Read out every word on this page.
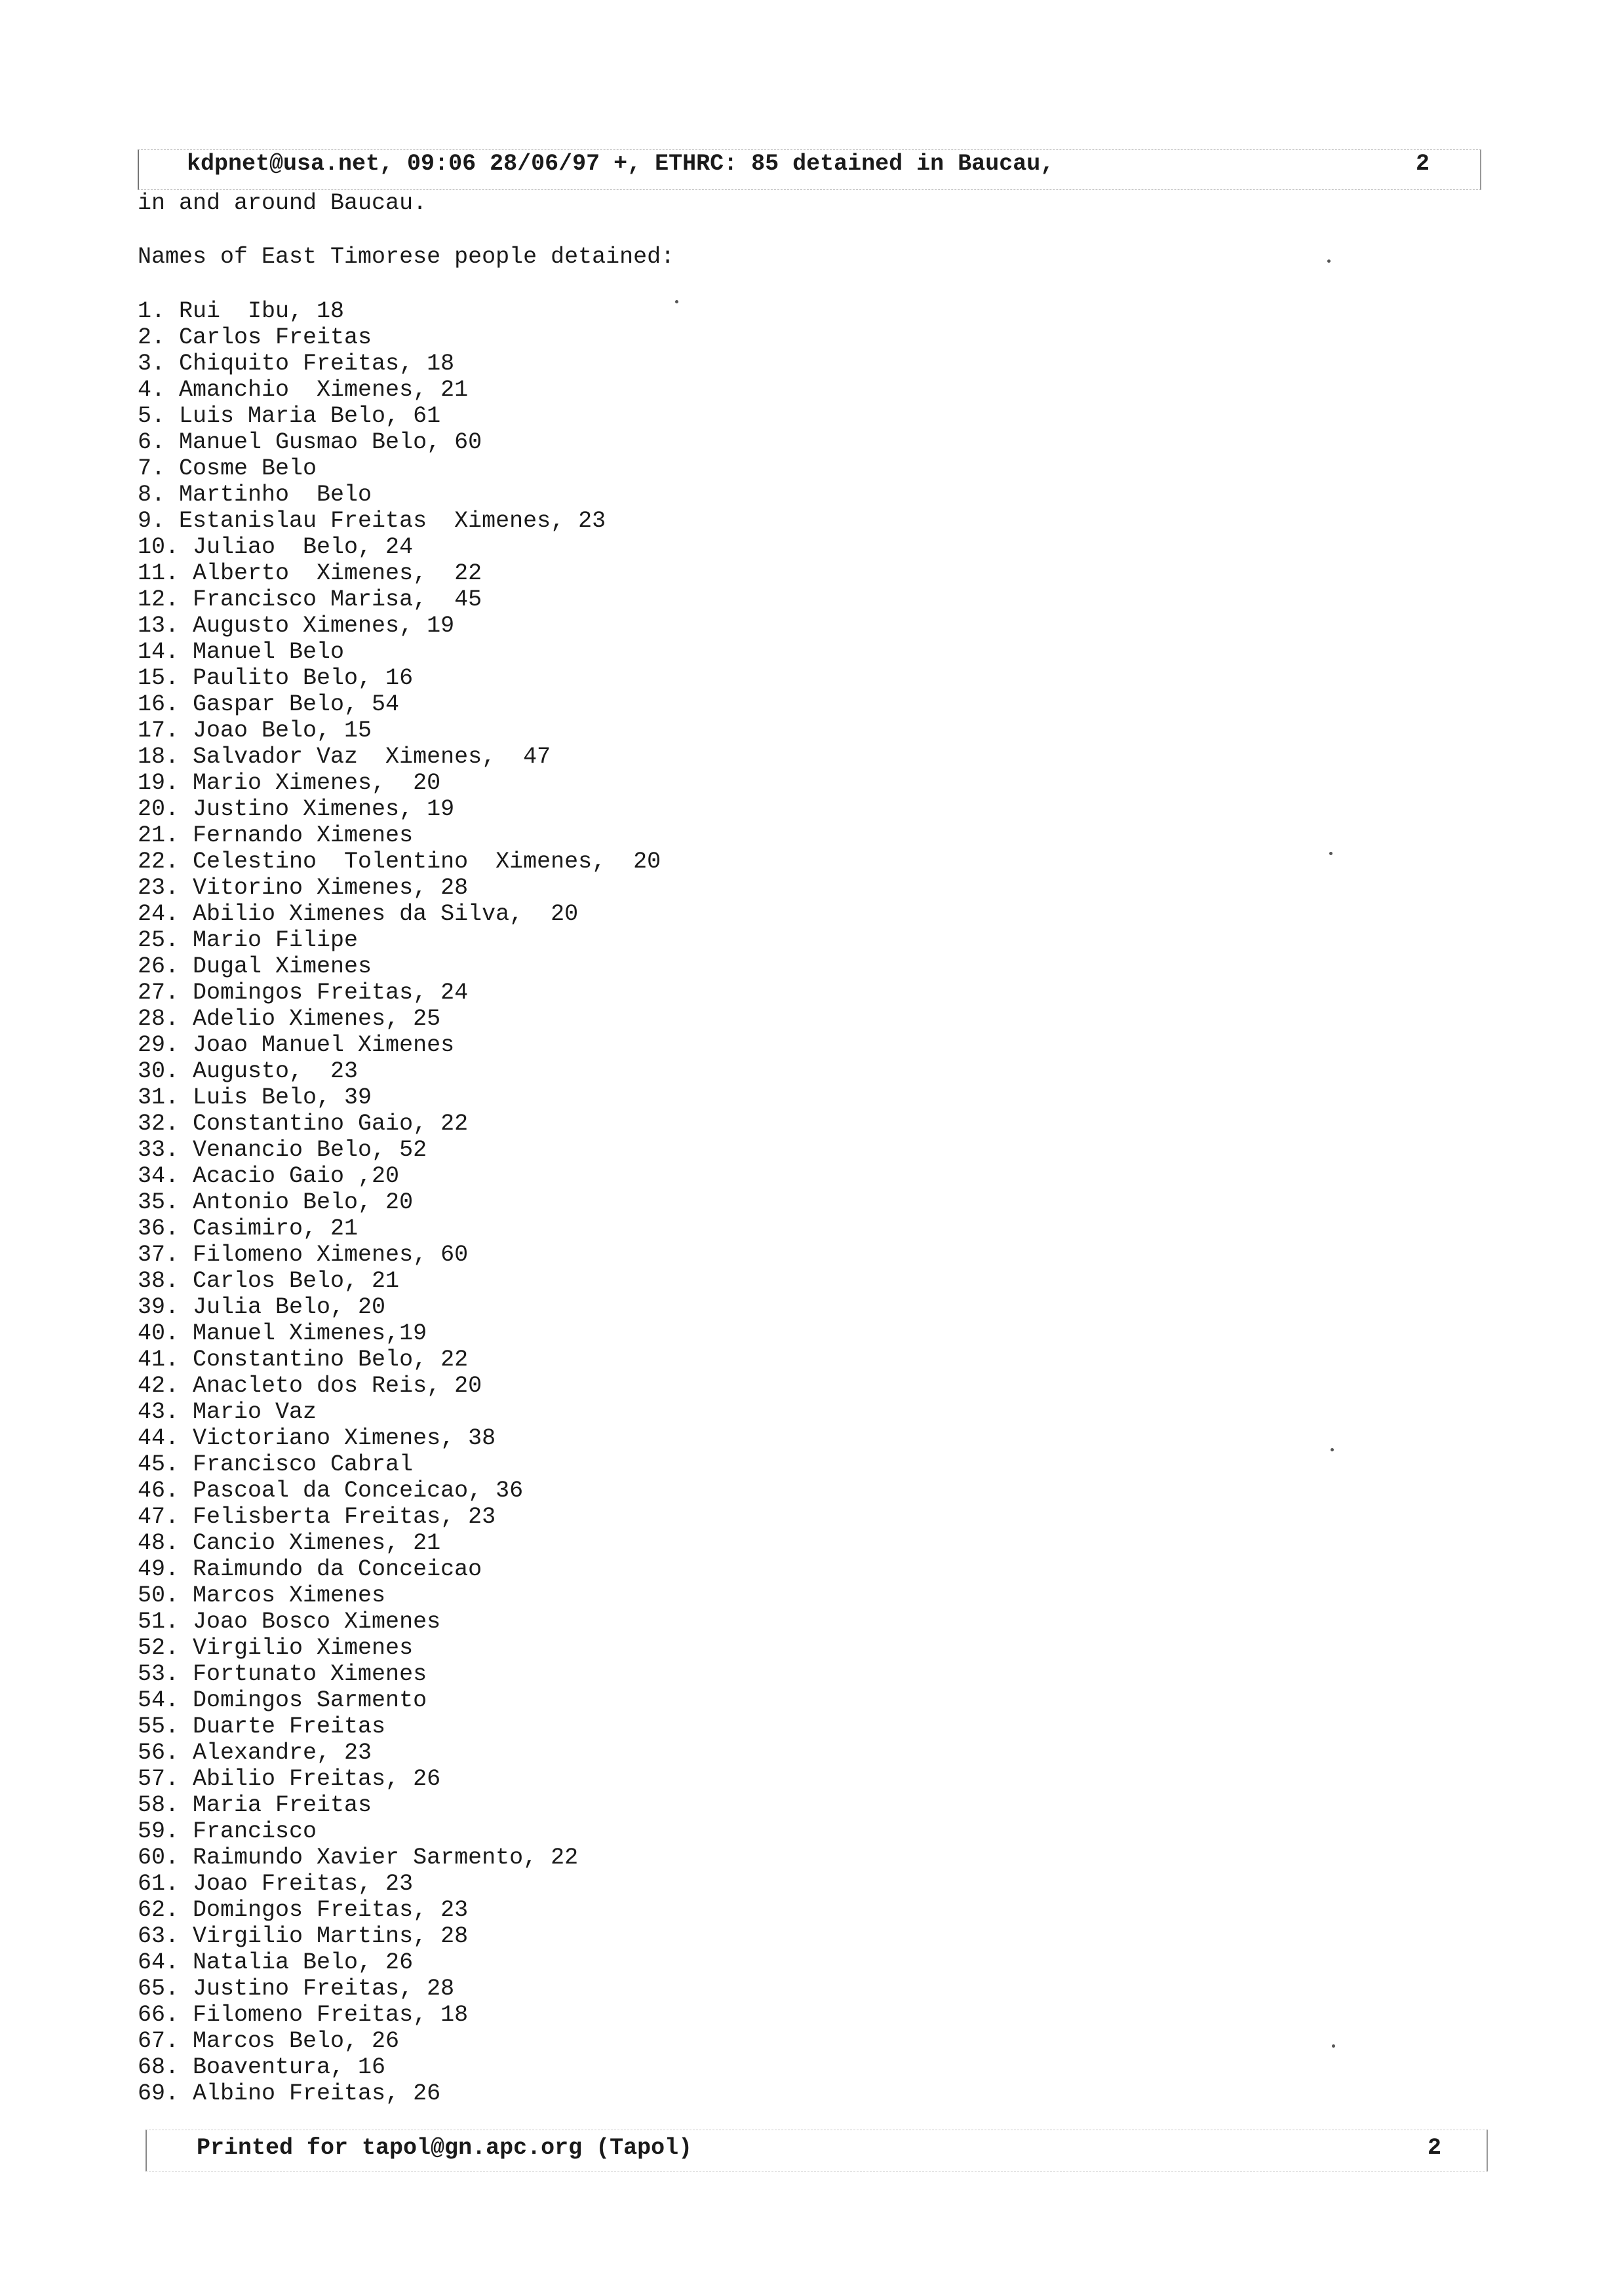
kdpnet@usa.net, 09:06 28/06/97 +, ETHRC: 85 detained in Baucau,	2
in and around Baucau.
Names of East Timorese people detained:
1. Rui  Ibu, 18
2. Carlos Freitas
3. Chiquito Freitas, 18
4. Amanchio  Ximenes, 21
5. Luis Maria Belo, 61
6. Manuel Gusmao Belo, 60
7. Cosme Belo
8. Martinho  Belo
9. Estanislau Freitas  Ximenes, 23
10. Juliao  Belo, 24
11. Alberto  Ximenes,  22
12. Francisco Marisa,  45
13. Augusto Ximenes, 19
14. Manuel Belo
15. Paulito Belo, 16
16. Gaspar Belo, 54
17. Joao Belo, 15
18. Salvador Vaz  Ximenes,  47
19. Mario Ximenes,  20
20. Justino Ximenes, 19
21. Fernando Ximenes
22. Celestino  Tolentino  Ximenes,  20
23. Vitorino Ximenes, 28
24. Abilio Ximenes da Silva,  20
25. Mario Filipe
26. Dugal Ximenes
27. Domingos Freitas, 24
28. Adelio Ximenes, 25
29. Joao Manuel Ximenes
30. Augusto,  23
31. Luis Belo, 39
32. Constantino Gaio, 22
33. Venancio Belo, 52
34. Acacio Gaio ,20
35. Antonio Belo, 20
36. Casimiro, 21
37. Filomeno Ximenes, 60
38. Carlos Belo, 21
39. Julia Belo, 20
40. Manuel Ximenes,19
41. Constantino Belo, 22
42. Anacleto dos Reis, 20
43. Mario Vaz
44. Victoriano Ximenes, 38
45. Francisco Cabral
46. Pascoal da Conceicao, 36
47. Felisberta Freitas, 23
48. Cancio Ximenes, 21
49. Raimundo da Conceicao
50. Marcos Ximenes
51. Joao Bosco Ximenes
52. Virgilio Ximenes
53. Fortunato Ximenes
54. Domingos Sarmento
55. Duarte Freitas
56. Alexandre, 23
57. Abilio Freitas, 26
58. Maria Freitas
59. Francisco
60. Raimundo Xavier Sarmento, 22
61. Joao Freitas, 23
62. Domingos Freitas, 23
63. Virgilio Martins, 28
64. Natalia Belo, 26
65. Justino Freitas, 28
66. Filomeno Freitas, 18
67. Marcos Belo, 26
68. Boaventura, 16
69. Albino Freitas, 26
Printed for tapol@gn.apc.org (Tapol)	2
